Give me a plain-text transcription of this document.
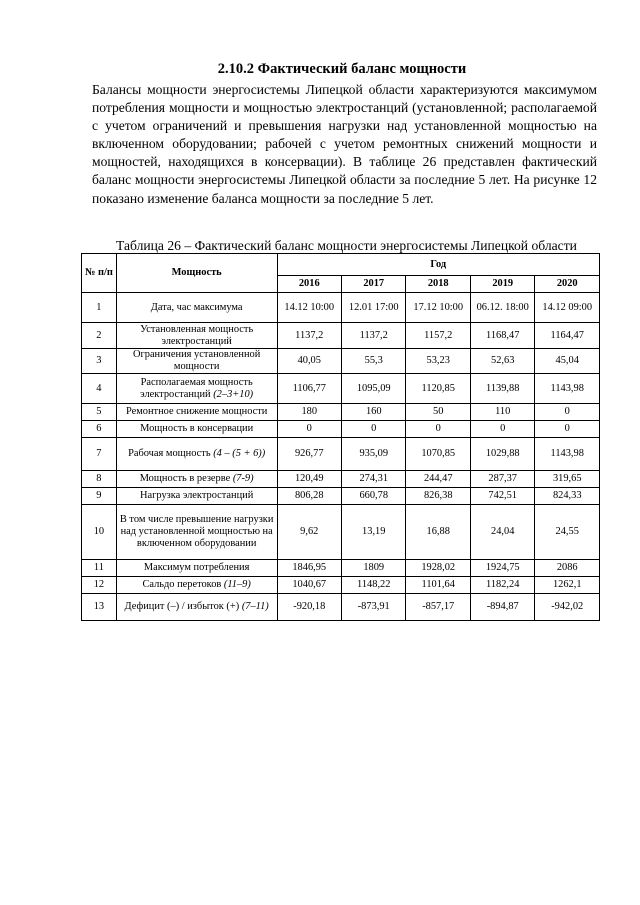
2.10.2 Фактический баланс мощности

Балансы мощности энергосистемы Липецкой области характеризуются максимумом потребления мощности и мощностью электростанций (установленной; располагаемой с учетом ограничений и превышения нагрузки над установленной мощностью на включенном оборудовании; рабочей с учетом ремонтных снижений мощности и мощностей, находящихся в консервации). В таблице 26 представлен фактический баланс мощности энергосистемы Липецкой области за последние 5 лет. На рисунке 12 показано изменение баланса мощности за последние 5 лет.

Таблица 26 – Фактический баланс мощности энергосистемы Липецкой области
№ п/п	Мощность	Год				
		2016	2017	2018	2019	2020
1	Дата, час максимума	14.12 10:00	12.01 17:00	17.12 10:00	06.12. 18:00	14.12 09:00
2	Установленная мощность электростанций	1137,2	1137,2	1157,2	1168,47	1164,47
3	Ограничения установленной мощности	40,05	55,3	53,23	52,63	45,04
4	Располагаемая мощность электростанций (2–3+10)	1106,77	1095,09	1120,85	1139,88	1143,98
5	Ремонтное снижение мощности	180	160	50	110	0
6	Мощность в консервации	0	0	0	0	0
7	Рабочая мощность (4 – (5 + 6))	926,77	935,09	1070,85	1029,88	1143,98
8	Мощность в резерве (7-9)	120,49	274,31	244,47	287,37	319,65
9	Нагрузка электростанций	806,28	660,78	826,38	742,51	824,33
10	В том числе превышение нагрузки над установленной мощностью на включенном оборудовании	9,62	13,19	16,88	24,04	24,55
11	Максимум потребления	1846,95	1809	1928,02	1924,75	2086
12	Сальдо перетоков (11–9)	1040,67	1148,22	1101,64	1182,24	1262,1
13	Дефицит (–) / избыток (+) (7–11)	-920,18	-873,91	-857,17	-894,87	-942,02
